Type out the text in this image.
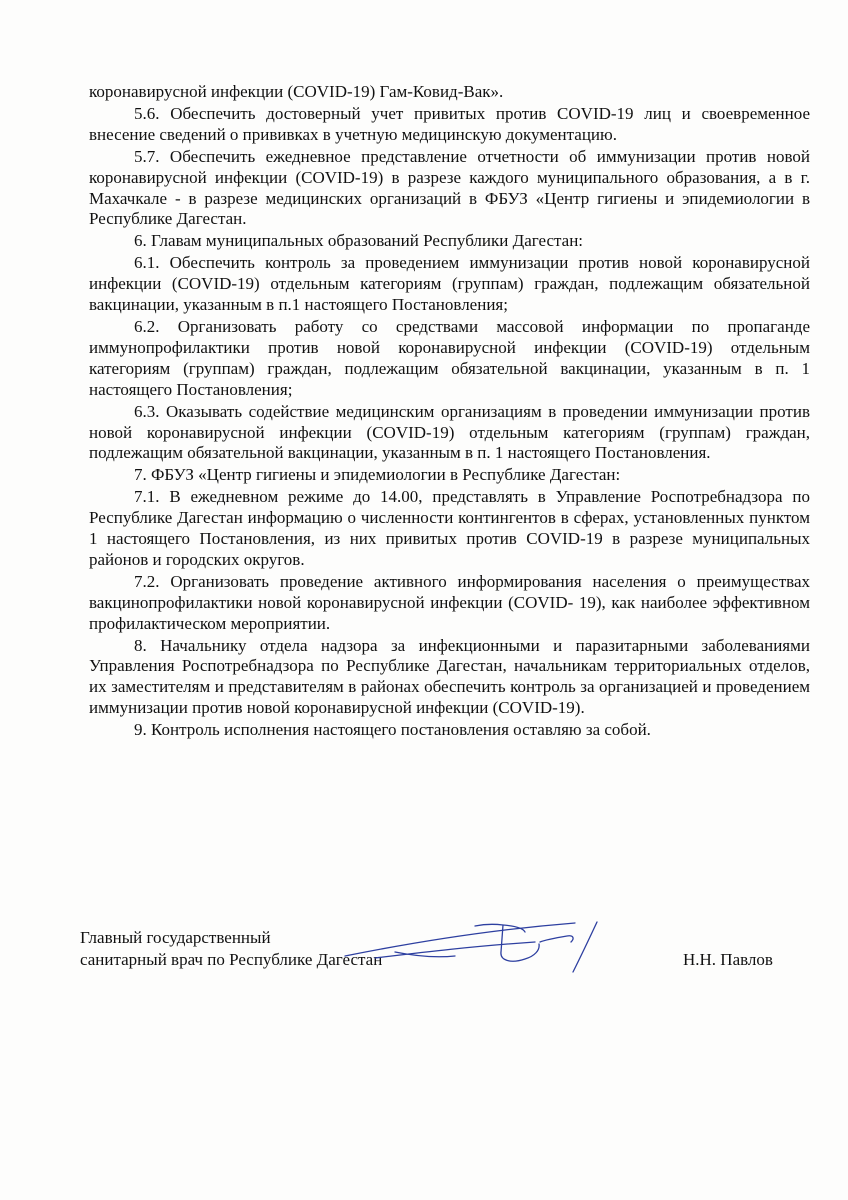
коронавирусной инфекции (COVID-19) Гам-Ковид-Вак».

5.6. Обеспечить достоверный учет привитых против COVID-19 лиц и своевременное внесение сведений о прививках в учетную медицинскую документацию.

5.7. Обеспечить ежедневное представление отчетности об иммунизации против новой коронавирусной инфекции (COVID-19) в разрезе каждого муниципального образования, а в г. Махачкале - в разрезе медицинских организаций в ФБУЗ «Центр гигиены и эпидемиологии в Республике Дагестан.

6. Главам муниципальных образований Республики Дагестан:

6.1. Обеспечить контроль за проведением иммунизации против новой коронавирусной инфекции (COVID-19) отдельным категориям (группам) граждан, подлежащим обязательной вакцинации, указанным в п.1 настоящего Постановления;

6.2. Организовать работу со средствами массовой информации по пропаганде иммунопрофилактики против новой коронавирусной инфекции (COVID-19) отдельным категориям (группам) граждан, подлежащим обязательной вакцинации, указанным в п. 1 настоящего Постановления;

6.3. Оказывать содействие медицинским организациям в проведении иммунизации против новой коронавирусной инфекции (COVID-19) отдельным категориям (группам) граждан, подлежащим обязательной вакцинации, указанным в п. 1 настоящего Постановления.

7. ФБУЗ «Центр гигиены и эпидемиологии в Республике Дагестан:

7.1. В ежедневном режиме до 14.00, представлять в Управление Роспотребнадзора по Республике Дагестан информацию о численности контингентов в сферах, установленных пунктом 1 настоящего Постановления, из них привитых против COVID-19 в разрезе муниципальных районов и городских округов.

7.2. Организовать проведение активного информирования населения о преимуществах вакцинопрофилактики новой коронавирусной инфекции (COVID- 19), как наиболее эффективном профилактическом мероприятии.

8. Начальнику отдела надзора за инфекционными и паразитарными заболеваниями Управления Роспотребнадзора по Республике Дагестан, начальникам территориальных отделов, их заместителям и представителям в районах обеспечить контроль за организацией и проведением иммунизации против новой коронавирусной инфекции (COVID-19).

9. Контроль исполнения настоящего постановления оставляю за собой.

Главный государственный
санитарный врач по Республике Дагестан	Н.Н. Павлов
